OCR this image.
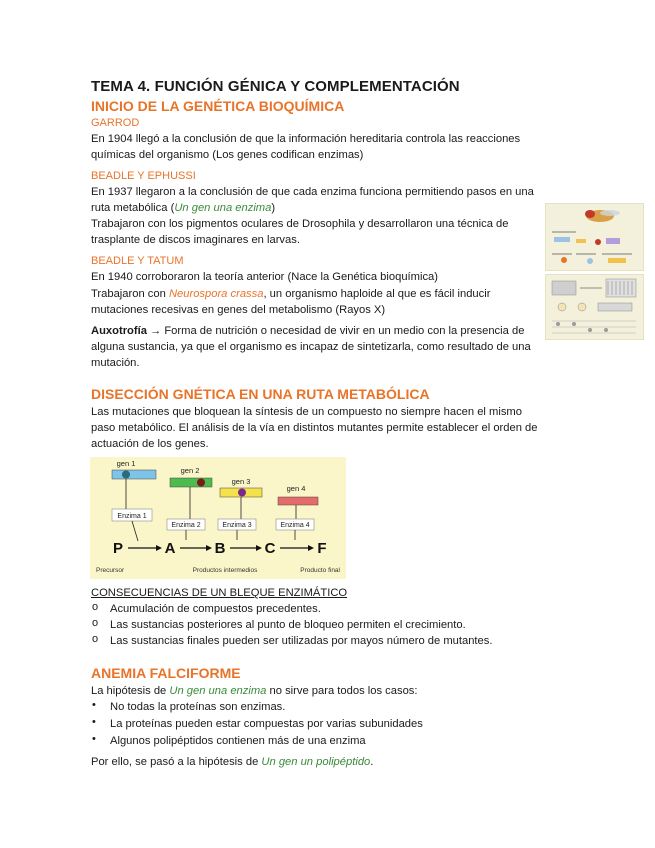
TEMA 4. FUNCIÓN GÉNICA Y COMPLEMENTACIÓN
INICIO DE LA GENÉTICA BIOQUÍMICA
GARROD
En 1904 llegó a la conclusión de que la información hereditaria controla las reacciones
químicas del organismo (Los genes codifican enzimas)
BEADLE Y EPHUSSI
En 1937 llegaron a la conclusión de que cada enzima funciona permitiendo pasos en una
ruta metabólica (Un gen una enzima)
Trabajaron con los pigmentos oculares de Drosophila y desarrollaron una técnica de
trasplante de discos imaginares en larvas.
BEADLE Y TATUM
En 1940 corroboraron la teoría anterior (Nace la Genética bioquímica)
Trabajaron con Neurospora crassa, un organismo haploide al que es fácil inducir
mutaciones recesivas en genes del metabolismo (Rayos X)
Auxotrofía → Forma de nutrición o necesidad de vivir en un medio con la presencia de
alguna sustancia, ya que el organismo es incapaz de sintetizarla, como resultado de una
mutación.
DISECCIÓN GNÉTICA EN UNA RUTA METABÓLICA
Las mutaciones que bloquean la síntesis de un compuesto no siempre hacen el mismo
paso metabólico. El análisis de la vía en distintos mutantes permite establecer el orden de
actuación de los genes.
gen 1
gen 2
gen 3
gen 4
Enzima 1
Enzima 2	Enzima 3	Enzima 4
P	A	B	C	F
Precursor	Productos intermedios	Producto final
CONSECUENCIAS DE UN BLEQUE ENZIMÁTICO
o Acumulación de compuestos precedentes.
o Las sustancias posteriores al punto de bloqueo permiten el crecimiento.
o Las sustancias finales pueden ser utilizadas por mayos número de mutantes.
ANEMIA FALCIFORME
La hipótesis de Un gen una enzima no sirve para todos los casos:
• No todas la proteínas son enzimas.
• La proteínas pueden estar compuestas por varias subunidades
• Algunos polipéptidos contienen más de una enzima
Por ello, se pasó a la hipótesis de Un gen un polipéptido.
